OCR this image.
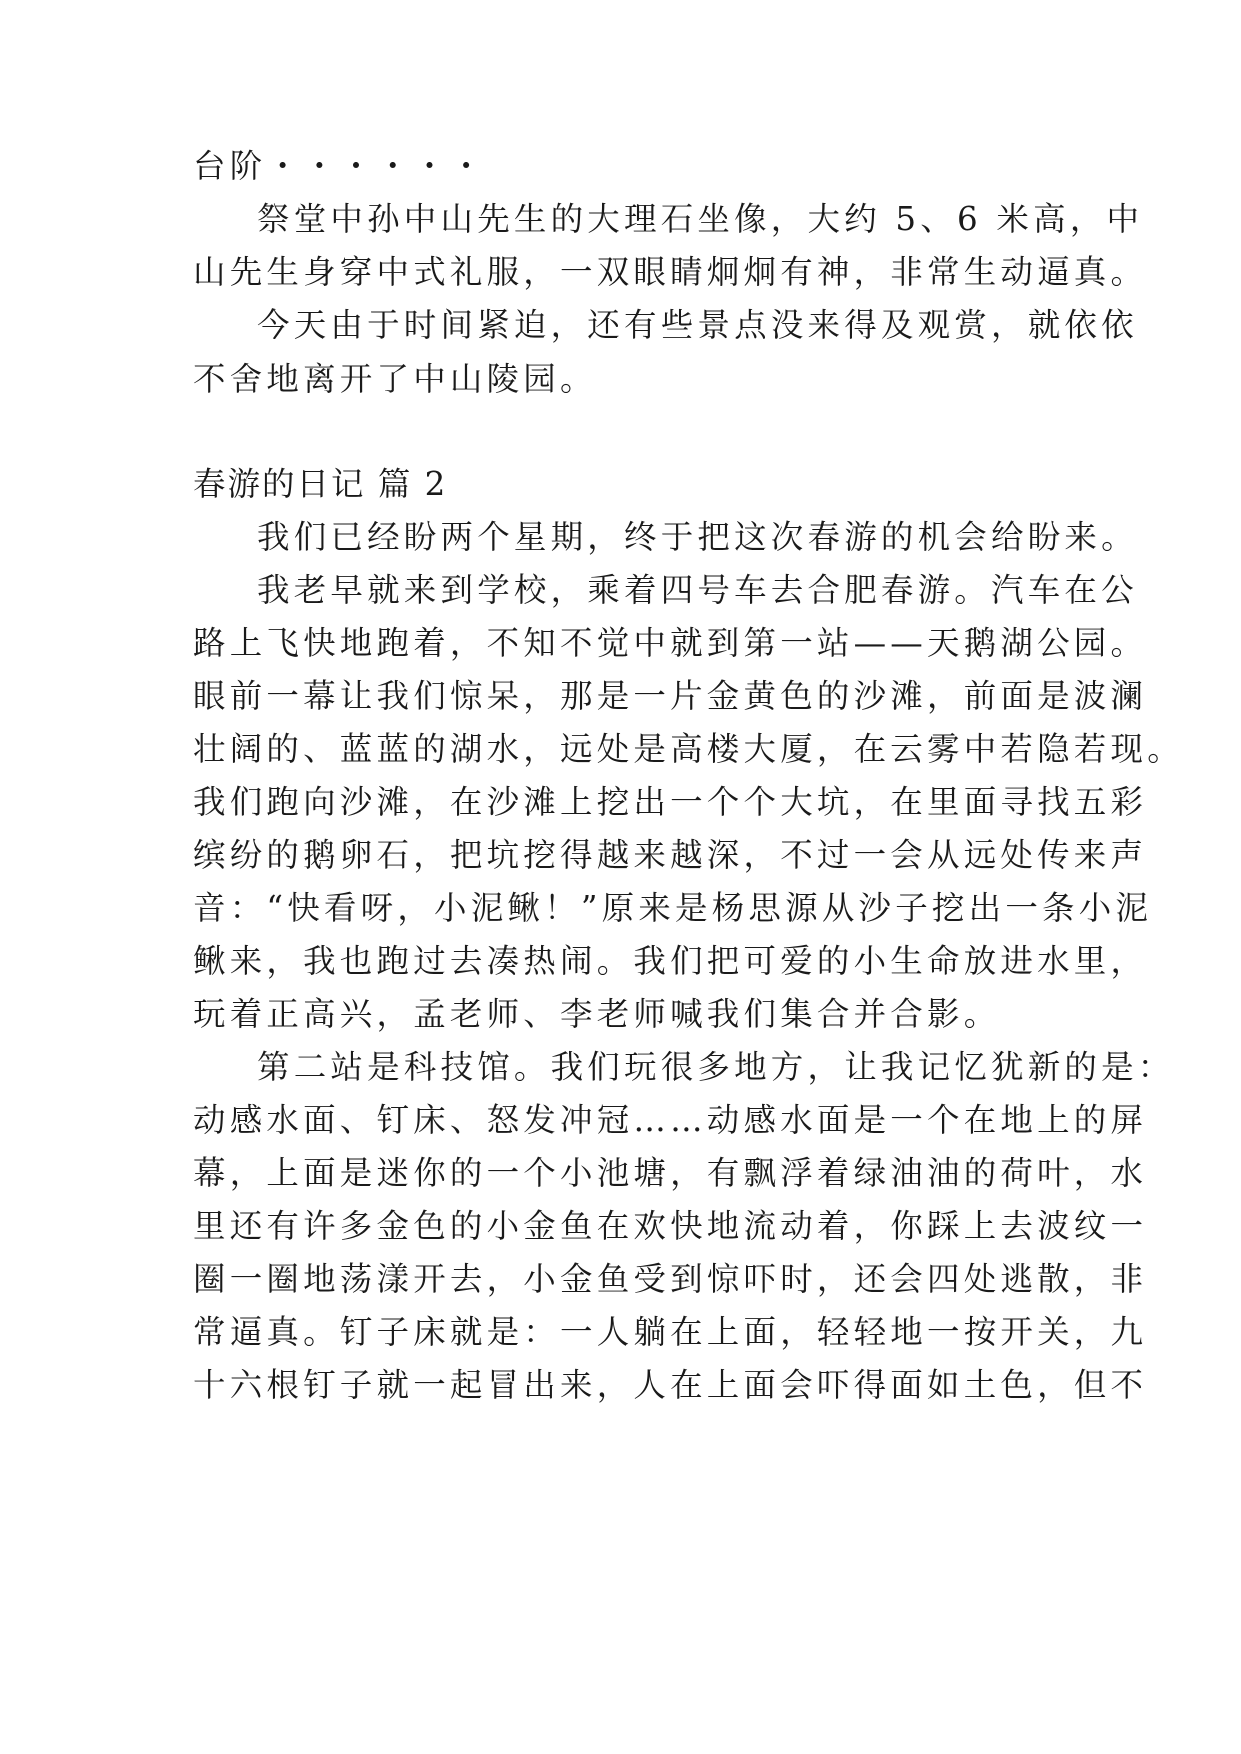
台阶・・・・・・
祭堂中孙中山先生的大理石坐像，大约 5、6 米高，中
山先生身穿中式礼服，一双眼睛炯炯有神，非常生动逼真。
今天由于时间紧迫，还有些景点没来得及观赏，就依依
不舍地离开了中山陵园。
春游的日记 篇 2
我们已经盼两个星期，终于把这次春游的机会给盼来。
我老早就来到学校，乘着四号车去合肥春游。汽车在公
路上飞快地跑着，不知不觉中就到第一站——天鹅湖公园。
眼前一幕让我们惊呆，那是一片金黄色的沙滩，前面是波澜
壮阔的、蓝蓝的湖水，远处是高楼大厦，在云雾中若隐若现。
我们跑向沙滩，在沙滩上挖出一个个大坑，在里面寻找五彩
缤纷的鹅卵石，把坑挖得越来越深，不过一会从远处传来声
音：“快看呀，小泥鳅！”原来是杨思源从沙子挖出一条小泥
鳅来，我也跑过去凑热闹。我们把可爱的小生命放进水里，
玩着正高兴，孟老师、李老师喊我们集合并合影。
第二站是科技馆。我们玩很多地方，让我记忆犹新的是：
动感水面、钉床、怒发冲冠……动感水面是一个在地上的屏
幕，上面是迷你的一个小池塘，有飘浮着绿油油的荷叶，水
里还有许多金色的小金鱼在欢快地流动着，你踩上去波纹一
圈一圈地荡漾开去，小金鱼受到惊吓时，还会四处逃散，非
常逼真。钉子床就是：一人躺在上面，轻轻地一按开关，九
十六根钉子就一起冒出来，人在上面会吓得面如土色，但不
